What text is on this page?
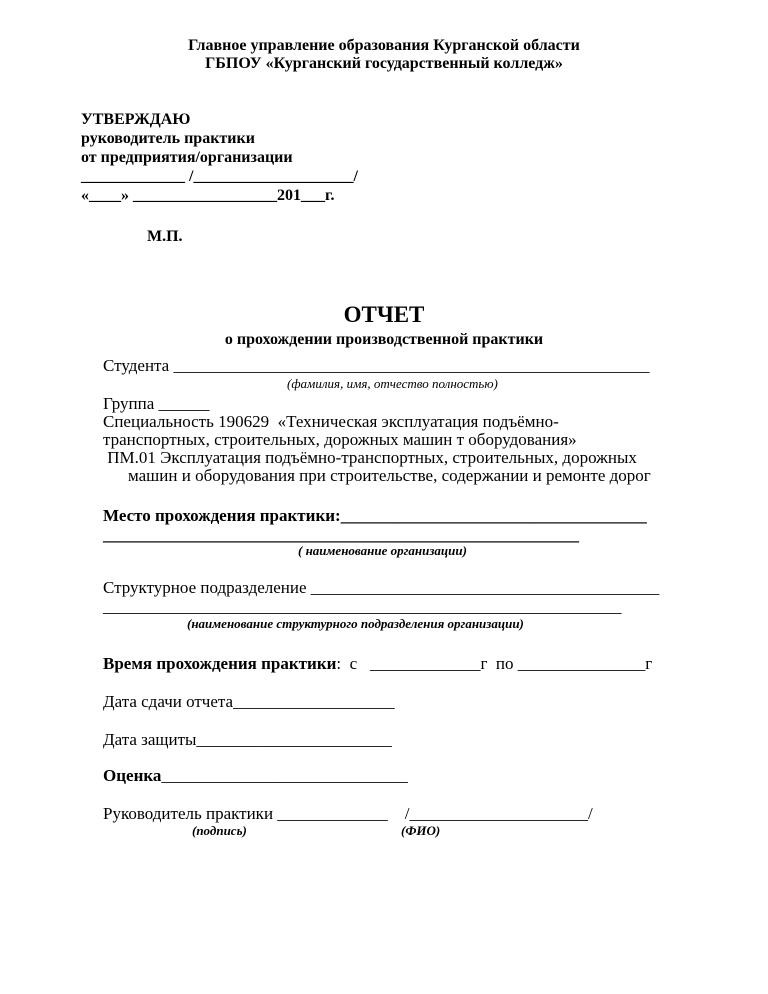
Главное управление образования Курганской области
ГБПОУ «Курганский государственный колледж»
УТВЕРЖДАЮ
руководитель практики
от предприятия/организации
_____________ /____________________/
«____» __________________201___г.
М.П.
ОТЧЕТ
о прохождении производственной практики
Студента ________________________________________________________
(фамилия, имя, отчество полностью)
Группа ______
Специальность 190629  «Техническая эксплуатация подъёмно-
транспортных, строительных, дорожных машин т оборудования»
ПМ.01 Эксплуатация подъёмно-транспортных, строительных, дорожных
машин и оборудования при строительстве, содержании и ремонте дорог
Место прохождения практики:____________________________________
________________________________________________________
( наименование организации)
Структурное подразделение _________________________________________
_____________________________________________________________
(наименование структурного подразделения организации)
Время прохождения практики:  с   _____________г  по _______________г
Дата сдачи отчета___________________
Дата защиты_______________________
Оценка_____________________________
Руководитель практики _____________    /_____________________/
(подпись)	(ФИО)
